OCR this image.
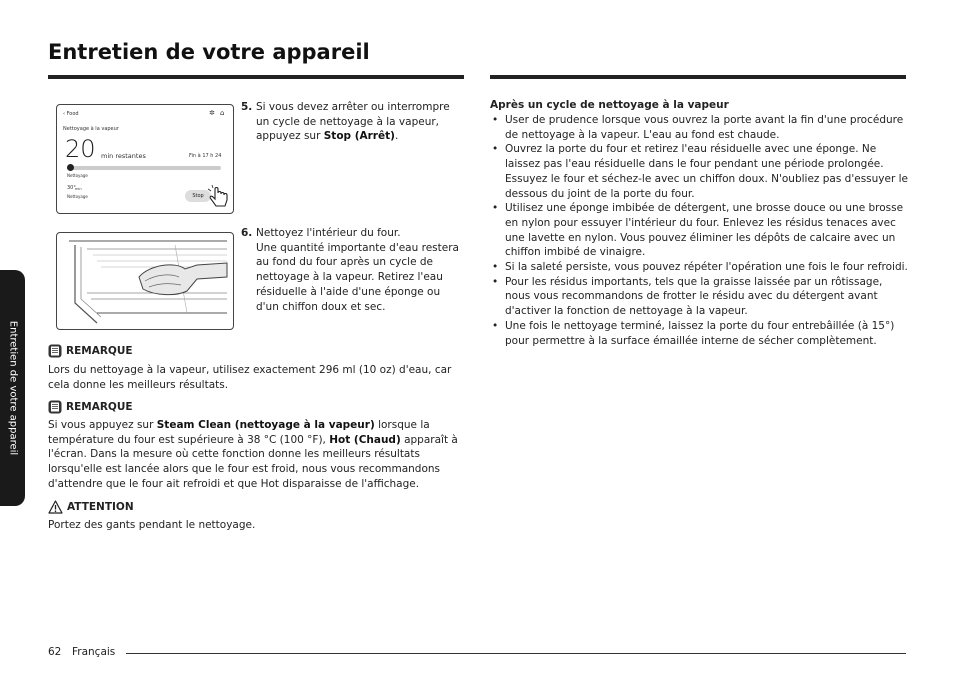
Entretien de votre appareil
Entretien de votre appareil
‹ Food	✲ ⌂
Nettoyage à la vapeur
20 min restantes	Fin à 17 h 24
Nettoyage
30° min
Nettoyage	Stop
5. Si vous devez arrêter ou interrompre un cycle de nettoyage à la vapeur, appuyez sur Stop (Arrêt).
6. Nettoyez l'intérieur du four.
Une quantité importante d'eau restera au fond du four après un cycle de nettoyage à la vapeur. Retirez l'eau résiduelle à l'aide d'une éponge ou d'un chiffon doux et sec.
REMARQUE

Lors du nettoyage à la vapeur, utilisez exactement 296 ml (10 oz) d'eau, car cela donne les meilleurs résultats.

REMARQUE

Si vous appuyez sur Steam Clean (nettoyage à la vapeur) lorsque la température du four est supérieure à 38 °C (100 °F), Hot (Chaud) apparaît à l'écran. Dans la mesure où cette fonction donne les meilleurs résultats lorsqu'elle est lancée alors que le four est froid, nous vous recommandons d'attendre que le four ait refroidi et que Hot disparaisse de l'affichage.

ATTENTION

Portez des gants pendant le nettoyage.

Après un cycle de nettoyage à la vapeur
• User de prudence lorsque vous ouvrez la porte avant la fin d'une procédure de nettoyage à la vapeur. L'eau au fond est chaude.
• Ouvrez la porte du four et retirez l'eau résiduelle avec une éponge. Ne laissez pas l'eau résiduelle dans le four pendant une période prolongée. Essuyez le four et séchez-le avec un chiffon doux. N'oubliez pas d'essuyer le dessous du joint de la porte du four.
• Utilisez une éponge imbibée de détergent, une brosse douce ou une brosse en nylon pour essuyer l'intérieur du four. Enlevez les résidus tenaces avec une lavette en nylon. Vous pouvez éliminer les dépôts de calcaire avec un chiffon imbibé de vinaigre.
• Si la saleté persiste, vous pouvez répéter l'opération une fois le four refroidi.
• Pour les résidus importants, tels que la graisse laissée par un rôtissage, nous vous recommandons de frotter le résidu avec du détergent avant d'activer la fonction de nettoyage à la vapeur.
• Une fois le nettoyage terminé, laissez la porte du four entrebâillée (à 15°) pour permettre à la surface émaillée interne de sécher complètement.
62 Français
